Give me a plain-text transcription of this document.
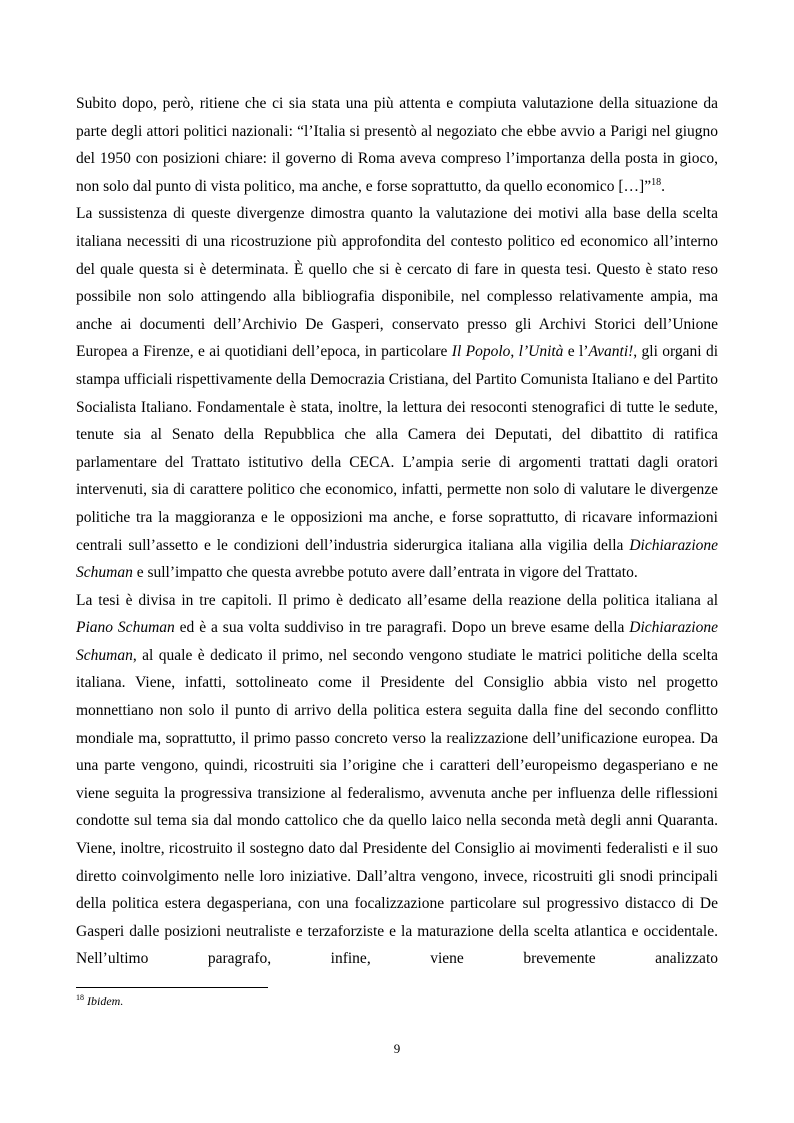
Subito dopo, però, ritiene che ci sia stata una più attenta e compiuta valutazione della situazione da parte degli attori politici nazionali: “l’Italia si presentò al negoziato che ebbe avvio a Parigi nel giugno del 1950 con posizioni chiare: il governo di Roma aveva compreso l’importanza della posta in gioco, non solo dal punto di vista politico, ma anche, e forse soprattutto, da quello economico […]”$^{18}$.

La sussistenza di queste divergenze dimostra quanto la valutazione dei motivi alla base della scelta italiana necessiti di una ricostruzione più approfondita del contesto politico ed economico all’interno del quale questa si è determinata. È quello che si è cercato di fare in questa tesi. Questo è stato reso possibile non solo attingendo alla bibliografia disponibile, nel complesso relativamente ampia, ma anche ai documenti dell’Archivio De Gasperi, conservato presso gli Archivi Storici dell’Unione Europea a Firenze, e ai quotidiani dell’epoca, in particolare Il Popolo, l’Unità e l’Avanti!, gli organi di stampa ufficiali rispettivamente della Democrazia Cristiana, del Partito Comunista Italiano e del Partito Socialista Italiano. Fondamentale è stata, inoltre, la lettura dei resoconti stenografici di tutte le sedute, tenute sia al Senato della Repubblica che alla Camera dei Deputati, del dibattito di ratifica parlamentare del Trattato istitutivo della CECA. L’ampia serie di argomenti trattati dagli oratori intervenuti, sia di carattere politico che economico, infatti, permette non solo di valutare le divergenze politiche tra la maggioranza e le opposizioni ma anche, e forse soprattutto, di ricavare informazioni centrali sull’assetto e le condizioni dell’industria siderurgica italiana alla vigilia della Dichiarazione Schuman e sull’impatto che questa avrebbe potuto avere dall’entrata in vigore del Trattato.

La tesi è divisa in tre capitoli. Il primo è dedicato all’esame della reazione della politica italiana al Piano Schuman ed è a sua volta suddiviso in tre paragrafi. Dopo un breve esame della Dichiarazione Schuman, al quale è dedicato il primo, nel secondo vengono studiate le matrici politiche della scelta italiana. Viene, infatti, sottolineato come il Presidente del Consiglio abbia visto nel progetto monnettiano non solo il punto di arrivo della politica estera seguita dalla fine del secondo conflitto mondiale ma, soprattutto, il primo passo concreto verso la realizzazione dell’unificazione europea. Da una parte vengono, quindi, ricostruiti sia l’origine che i caratteri dell’europeismo degasperiano e ne viene seguita la progressiva transizione al federalismo, avvenuta anche per influenza delle riflessioni condotte sul tema sia dal mondo cattolico che da quello laico nella seconda metà degli anni Quaranta. Viene, inoltre, ricostruito il sostegno dato dal Presidente del Consiglio ai movimenti federalisti e il suo diretto coinvolgimento nelle loro iniziative. Dall’altra vengono, invece, ricostruiti gli snodi principali della politica estera degasperiana, con una focalizzazione particolare sul progressivo distacco di De Gasperi dalle posizioni neutraliste e terzaforziste e la maturazione della scelta atlantica e occidentale. Nell’ultimo paragrafo, infine, viene brevemente analizzato

$^{18}$ Ibidem.
9
